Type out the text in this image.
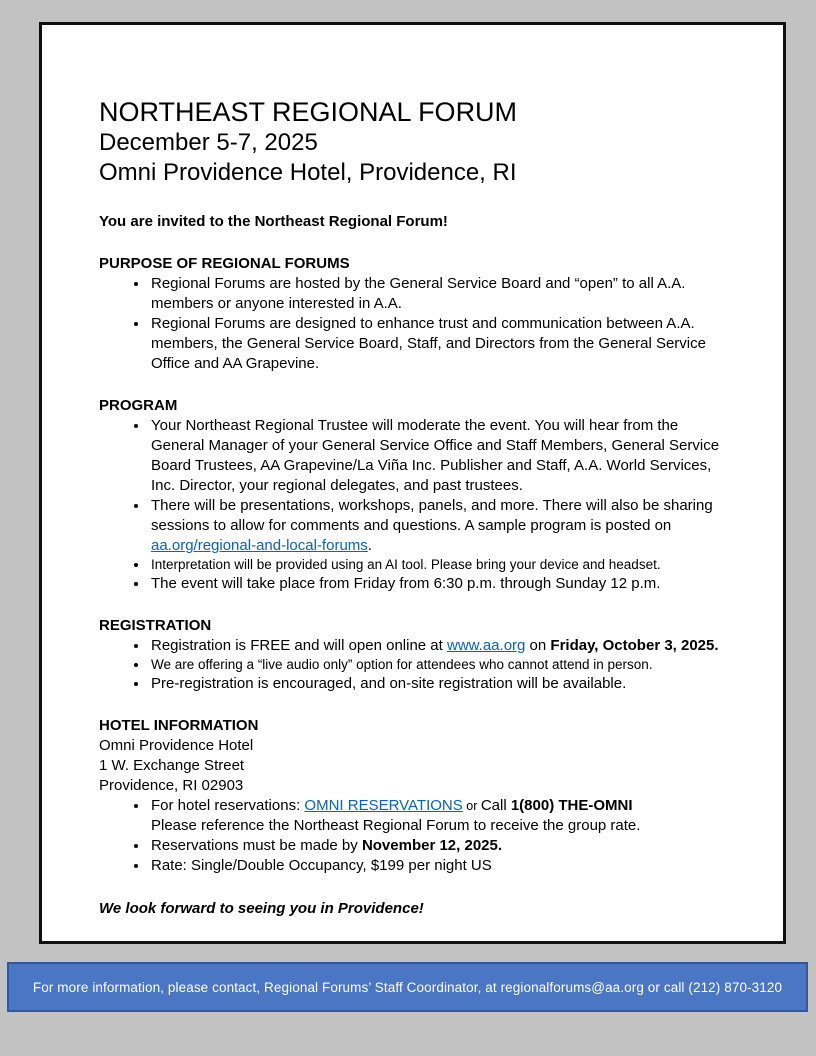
NORTHEAST REGIONAL FORUM
December 5-7, 2025
Omni Providence Hotel, Providence, RI
You are invited to the Northeast Regional Forum!
PURPOSE OF REGIONAL FORUMS
• Regional Forums are hosted by the General Service Board and “open” to all A.A. members or anyone interested in A.A.
• Regional Forums are designed to enhance trust and communication between A.A. members, the General Service Board, Staff, and Directors from the General Service Office and AA Grapevine.
PROGRAM
• Your Northeast Regional Trustee will moderate the event. You will hear from the General Manager of your General Service Office and Staff Members, General Service Board Trustees, AA Grapevine/La Viña Inc. Publisher and Staff, A.A. World Services, Inc. Director, your regional delegates, and past trustees.
• There will be presentations, workshops, panels, and more. There will also be sharing sessions to allow for comments and questions. A sample program is posted on  aa.org/regional-and-local-forums.
• Interpretation will be provided using an AI tool. Please bring your device and headset.
• The event will take place from Friday from 6:30 p.m. through Sunday 12 p.m.
REGISTRATION
• Registration is FREE and will open online at www.aa.org on Friday, October 3, 2025.
• We are offering a “live audio only” option for attendees who cannot attend in person.
• Pre-registration is encouraged, and on-site registration will be available.
HOTEL INFORMATION
Omni Providence Hotel
1 W. Exchange Street
Providence, RI 02903
• For hotel reservations: OMNI RESERVATIONS or Call 1(800) THE-OMNI
Please reference the Northeast Regional Forum to receive the group rate.
• Reservations must be made by November 12, 2025.
• Rate: Single/Double Occupancy, $199 per night US
We look forward to seeing you in Providence!
For more information, please contact, Regional Forums’ Staff Coordinator, at regionalforums@aa.org or call (212) 870-3120
